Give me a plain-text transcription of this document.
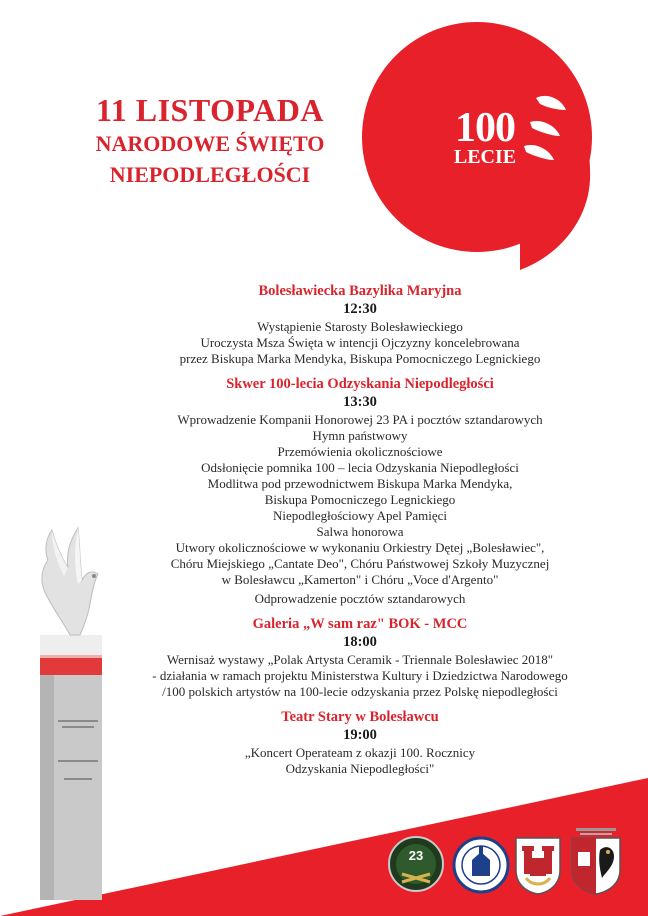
11 LISTOPADA
NARODOWE ŚWIĘTO
NIEPODLEGŁOŚCI
100
LECIE
Bolesławiecka Bazylika Maryjna
12:30
Wystąpienie Starosty Bolesławieckiego
Uroczysta Msza Święta w intencji Ojczyzny koncelebrowana
przez Biskupa Marka Mendyka, Biskupa Pomocniczego Legnickiego
Skwer 100-lecia Odzyskania Niepodległości
13:30
Wprowadzenie Kompanii Honorowej 23 PA i pocztów sztandarowych
Hymn państwowy
Przemówienia okolicznościowe
Odsłonięcie pomnika 100 – lecia Odzyskania Niepodległości
Modlitwa pod przewodnictwem Biskupa Marka Mendyka,
Biskupa Pomocniczego Legnickiego
Niepodległościowy Apel Pamięci
Salwa honorowa
Utwory okolicznościowe w wykonaniu Orkiestry Dętej „Bolesławiec",
Chóru Miejskiego „Cantate Deo", Chóru Państwowej Szkoły Muzycznej
w Bolesławcu „Kamerton" i Chóru „Voce d'Argento"
Odprowadzenie pocztów sztandarowych
Galeria „W sam raz" BOK - MCC
18:00
Wernisaż wystawy „Polak Artysta Ceramik - Triennale Bolesławiec 2018"
- działania w ramach projektu Ministerstwa Kultury i Dziedzictwa Narodowego
/100 polskich artystów na 100-lecie odzyskania przez Polskę niepodległości
Teatr Stary w Bolesławcu
19:00
„Koncert Operateam z okazji 100. Rocznicy
Odzyskania Niepodległości"
23
